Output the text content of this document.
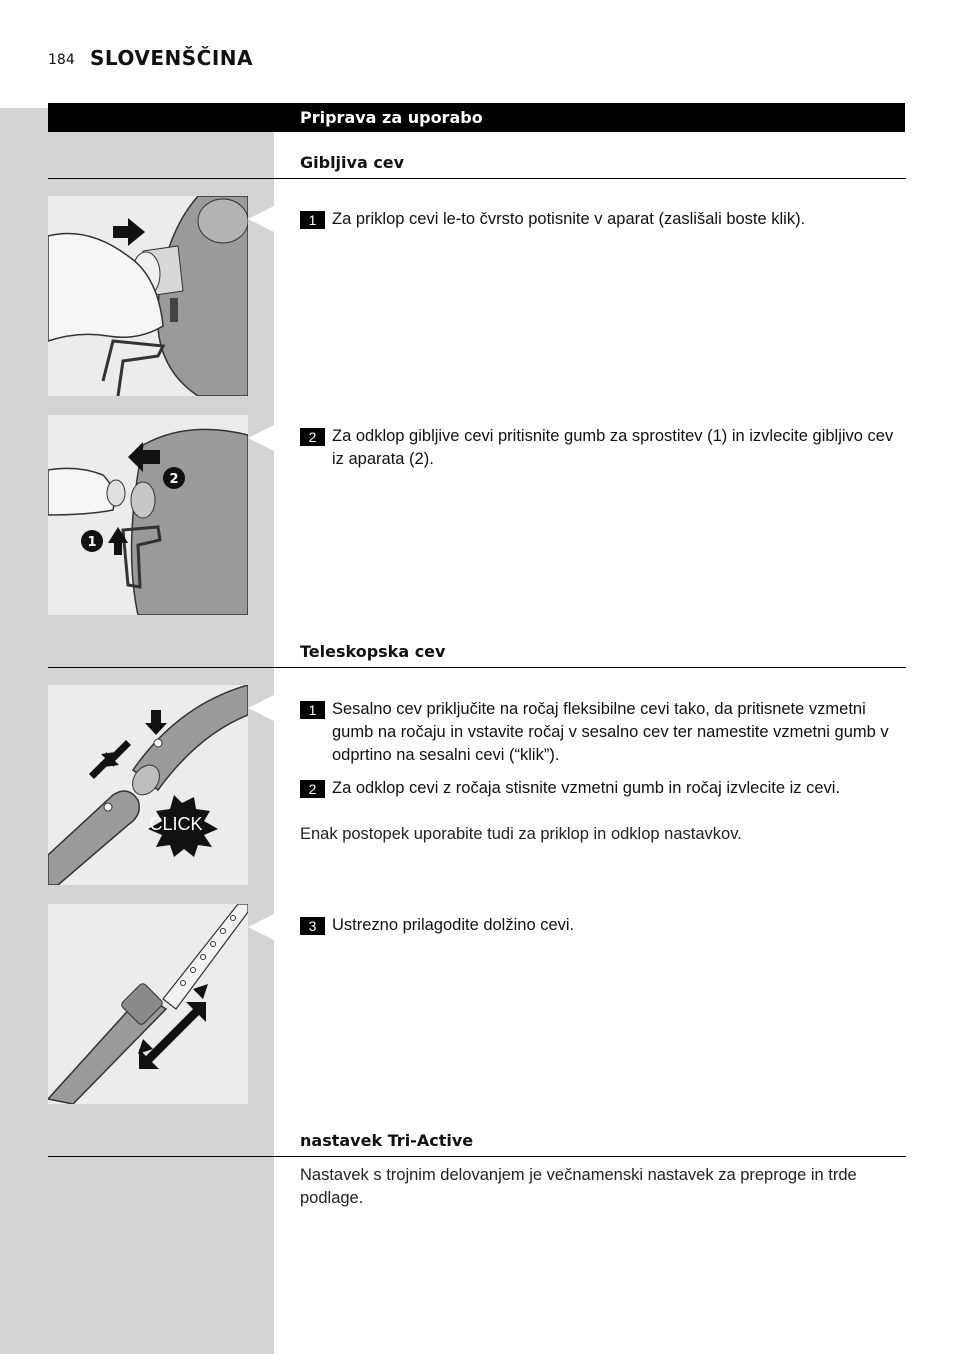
184 SLOVENŠČINA
Priprava za uporabo
Gibljiva cev
1 Za priklop cevi le-to čvrsto potisnite v aparat (zaslišali boste klik).
2
1
2 Za odklop gibljive cevi pritisnite gumb za sprostitev (1) in izvlecite gibljivo cev iz aparata (2).
Teleskopska cev
CLICK
1 Sesalno cev priključite na ročaj fleksibilne cevi tako, da pritisnete vzmetni gumb na ročaju in vstavite ročaj v sesalno cev ter namestite vzmetni gumb v odprtino na sesalni cevi (“klik”).
2 Za odklop cevi z ročaja stisnite vzmetni gumb in ročaj izvlecite iz cevi.
Enak postopek uporabite tudi za priklop in odklop nastavkov.
3 Ustrezno prilagodite dolžino cevi.
nastavek Tri-Active
Nastavek s trojnim delovanjem je večnamenski nastavek za preproge in trde podlage.
